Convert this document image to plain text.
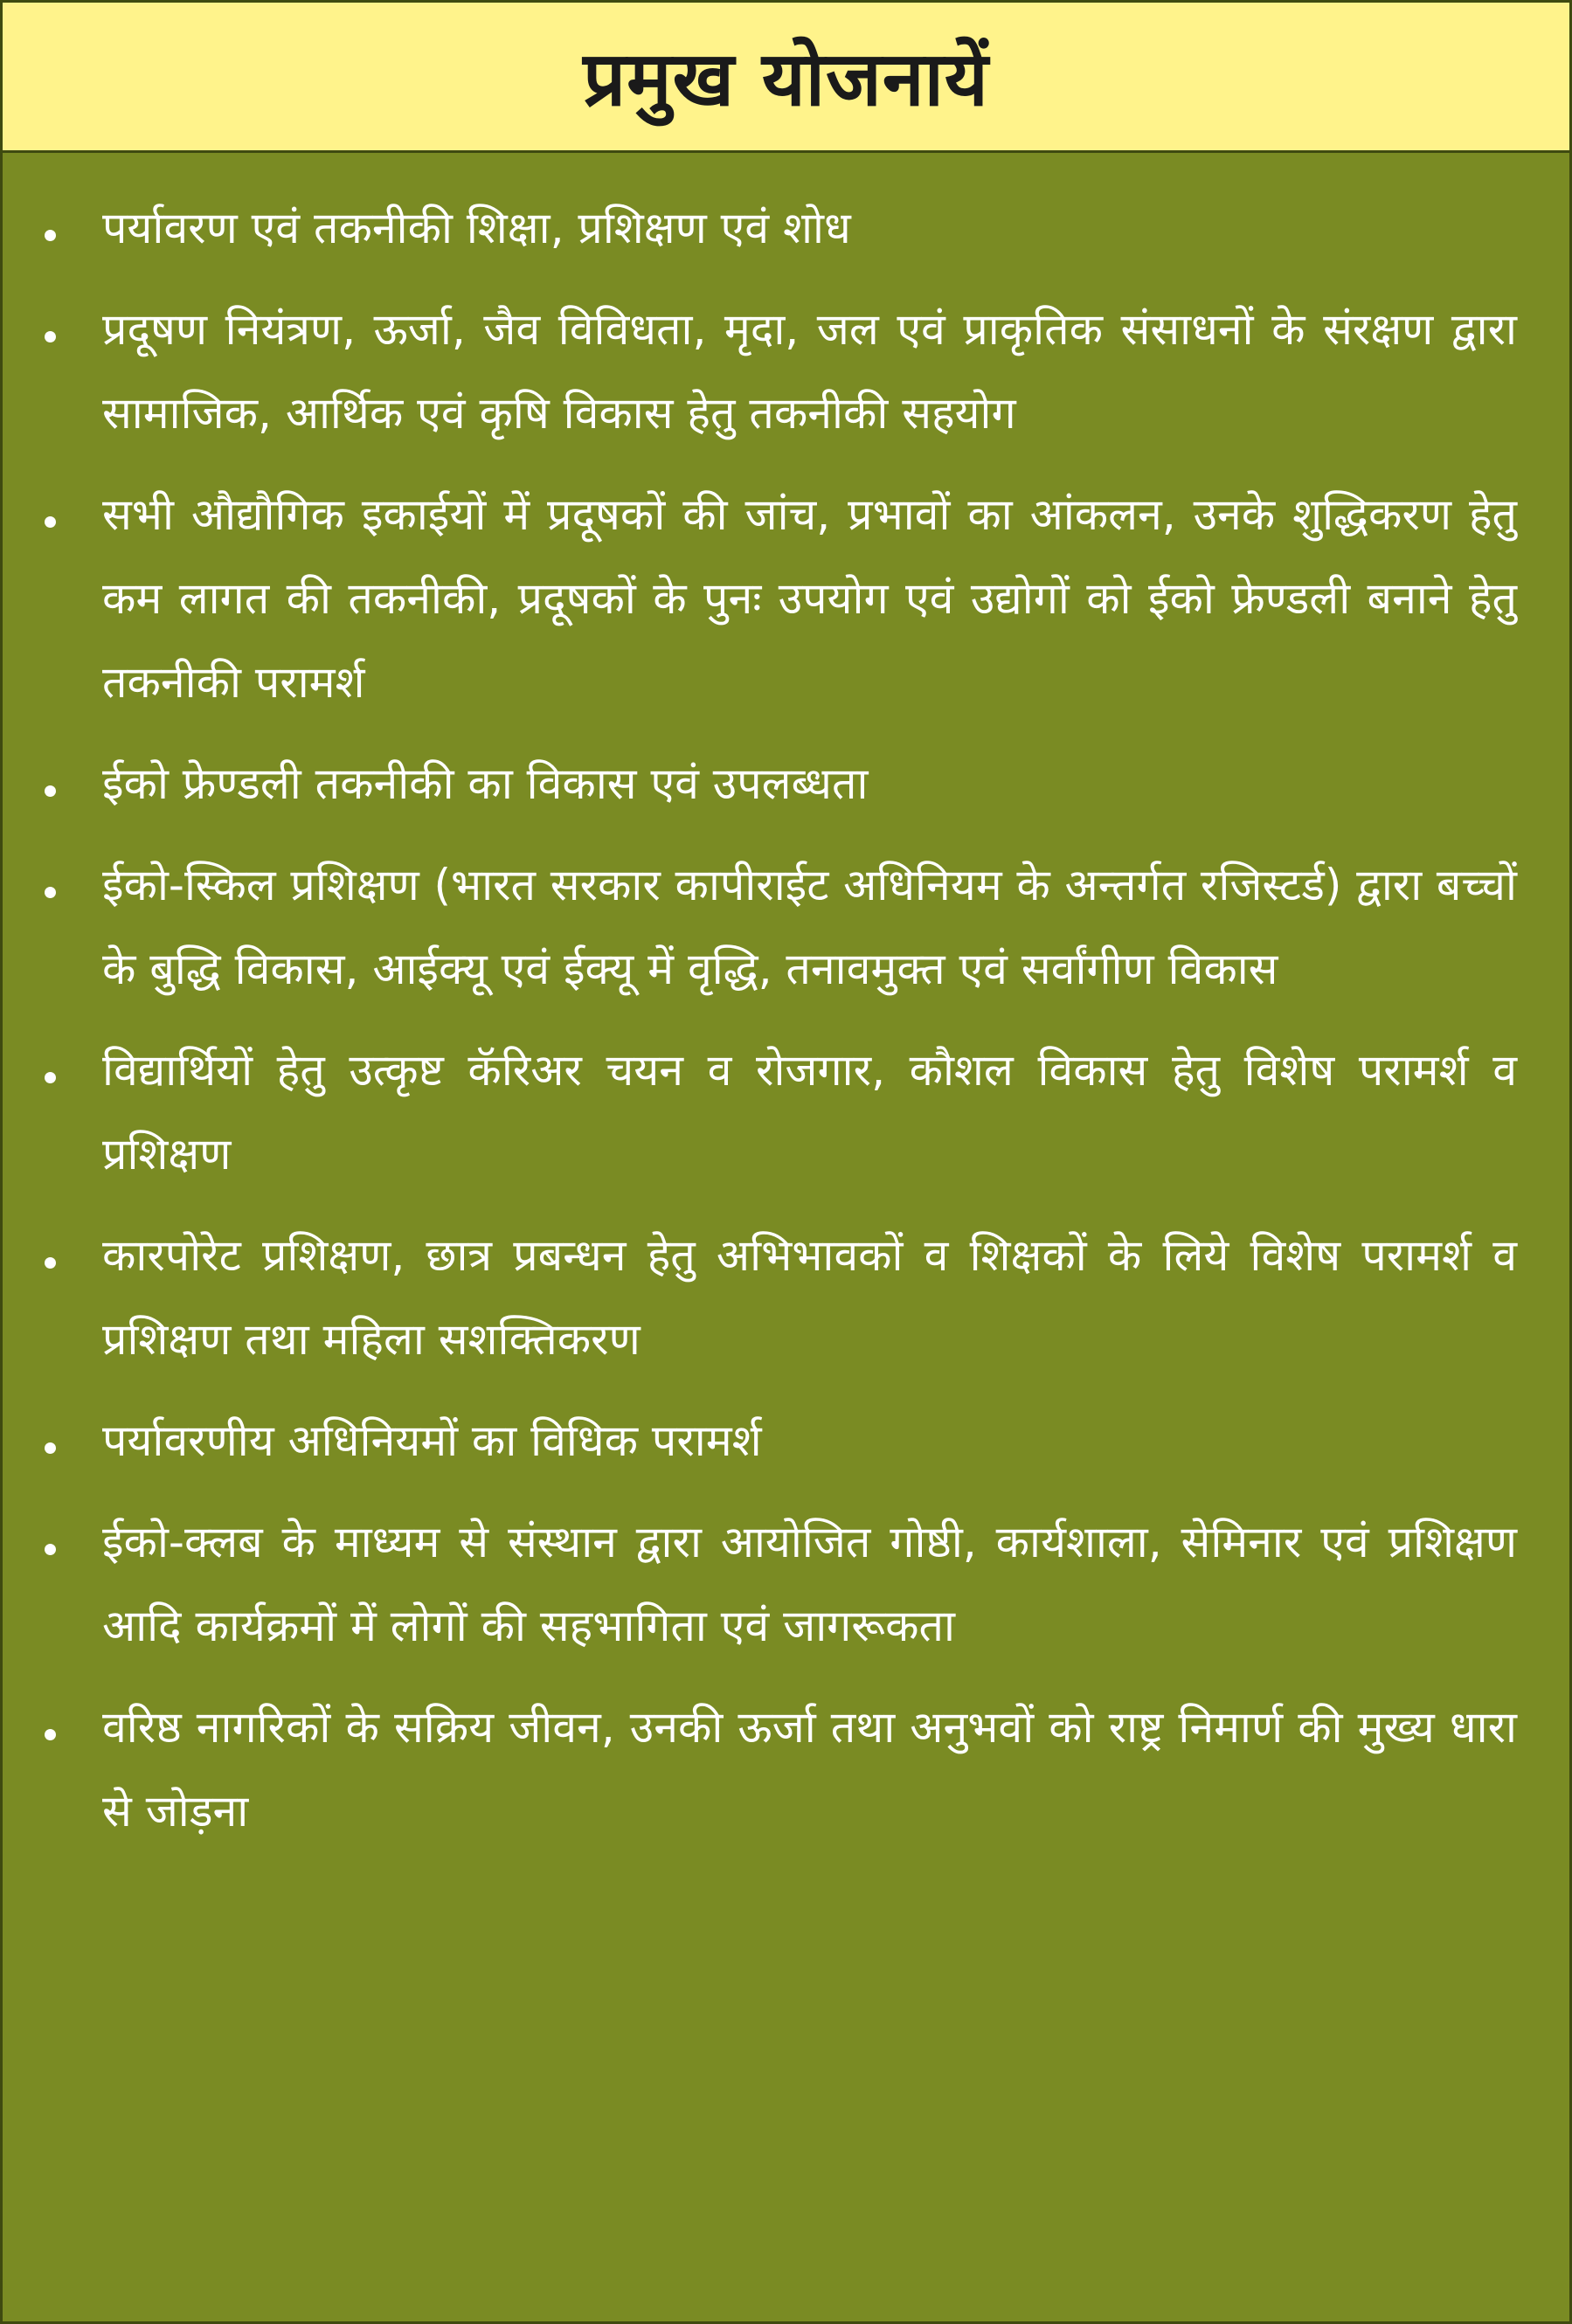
प्रमुख योजनायें
पर्यावरण एवं तकनीकी शिक्षा, प्रशिक्षण एवं शोध
प्रदूषण नियंत्रण, ऊर्जा, जैव विविधता, मृदा, जल एवं प्राकृतिक संसाधनों के संरक्षण द्वारा सामाजिक, आर्थिक एवं कृषि विकास हेतु तकनीकी सहयोग
सभी औद्यौगिक इकाईयों में प्रदूषकों की जांच, प्रभावों का आंकलन, उनके शुद्धिकरण हेतु कम लागत की तकनीकी, प्रदूषकों के पुनः उपयोग एवं उद्योगों को ईको फ्रेण्डली बनाने हेतु तकनीकी परामर्श
ईको फ्रेण्डली तकनीकी का विकास एवं उपलब्धता
ईको-स्किल प्रशिक्षण (भारत सरकार कापीराईट अधिनियम के अन्तर्गत रजिस्टर्ड) द्वारा बच्चों के बुद्धि विकास, आईक्यू एवं ईक्यू में वृद्धि, तनावमुक्त एवं सर्वांगीण विकास
विद्यार्थियों हेतु उत्कृष्ट कॅरिअर चयन व रोजगार, कौशल विकास हेतु विशेष परामर्श व प्रशिक्षण
कारपोरेट प्रशिक्षण, छात्र प्रबन्धन हेतु अभिभावकों व शिक्षकों के लिये विशेष परामर्श व प्रशिक्षण तथा महिला सशक्तिकरण
पर्यावरणीय अधिनियमों का विधिक परामर्श
ईको-क्लब के माध्यम से संस्थान द्वारा आयोजित गोष्ठी, कार्यशाला, सेमिनार एवं प्रशिक्षण आदि कार्यक्रमों में लोगों की सहभागिता एवं जागरूकता
वरिष्ठ नागरिकों के सक्रिय जीवन, उनकी ऊर्जा तथा अनुभवों को राष्ट्र निमार्ण की मुख्य धारा से जोड़ना
